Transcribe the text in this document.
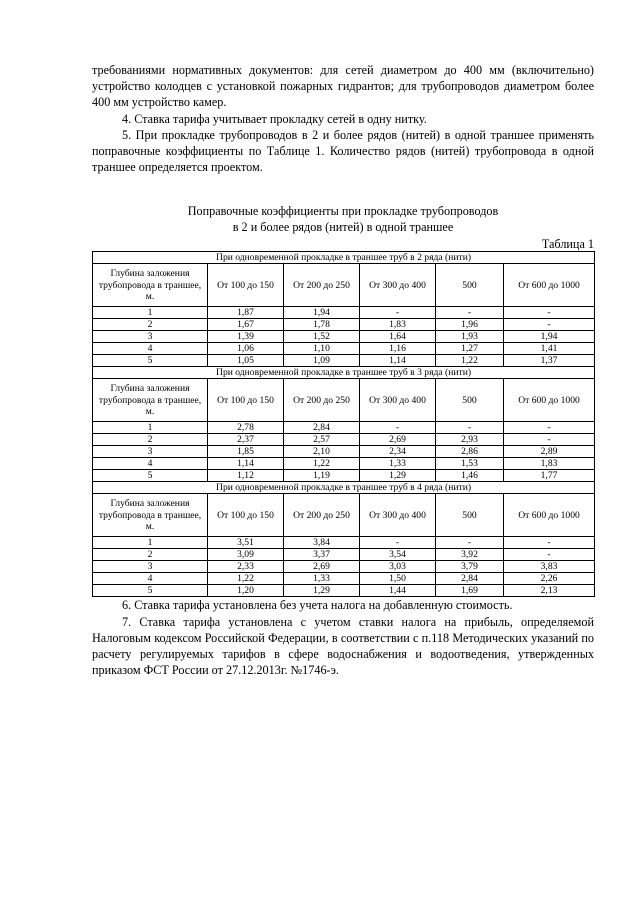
требованиями нормативных документов: для сетей диаметром до 400 мм (включительно) устройство колодцев с установкой пожарных гидрантов; для трубопроводов диаметром более 400 мм устройство камер.

4. Ставка тарифа учитывает прокладку сетей в одну нитку.

5. При прокладке трубопроводов в 2 и более рядов (нитей) в одной траншее применять поправочные коэффициенты по Таблице 1. Количество рядов (нитей) трубопровода в одной траншее определяется проектом.

Поправочные коэффициенты при прокладке трубопроводов
в 2 и более рядов (нитей) в одной траншее
Таблица 1
При одновременной прокладке в траншее труб в 2 ряда (нити)					
Глубина заложения трубопровода в траншее, м.	От 100 до 150	От 200 до 250	От 300 до 400	500	От 600 до 1000
1	1,87	1,94	-	-	-
2	1,67	1,78	1,83	1,96	-
3	1,39	1,52	1,64	1,93	1,94
4	1,06	1,10	1,16	1,27	1,41
5	1,05	1,09	1,14	1,22	1,37
При одновременной прокладке в траншее труб в 3 ряда (нити)					
Глубина заложения трубопровода в траншее, м.	От 100 до 150	От 200 до 250	От 300 до 400	500	От 600 до 1000
1	2,78	2,84	-	-	-
2	2,37	2,57	2,69	2,93	-
3	1,85	2,10	2,34	2,86	2,89
4	1,14	1,22	1,33	1,53	1,83
5	1,12	1,19	1,29	1,46	1,77
При одновременной прокладке в траншее труб в 4 ряда (нити)					
Глубина заложения трубопровода в траншее, м.	От 100 до 150	От 200 до 250	От 300 до 400	500	От 600 до 1000
1	3,51	3,84	-	-	-
2	3,09	3,37	3,54	3,92	-
3	2,33	2,69	3,03	3,79	3,83
4	1,22	1,33	1,50	2,84	2,26
5	1,20	1,29	1,44	1,69	2,13

6. Ставка тарифа установлена без учета налога на добавленную стоимость.

7. Ставка тарифа установлена с учетом ставки налога на прибыль, определяемой Налоговым кодексом Российской Федерации, в соответствии с п.118 Методических указаний по расчету регулируемых тарифов в сфере водоснабжения и водоотведения, утвержденных приказом ФСТ России от 27.12.2013г. №1746-э.
